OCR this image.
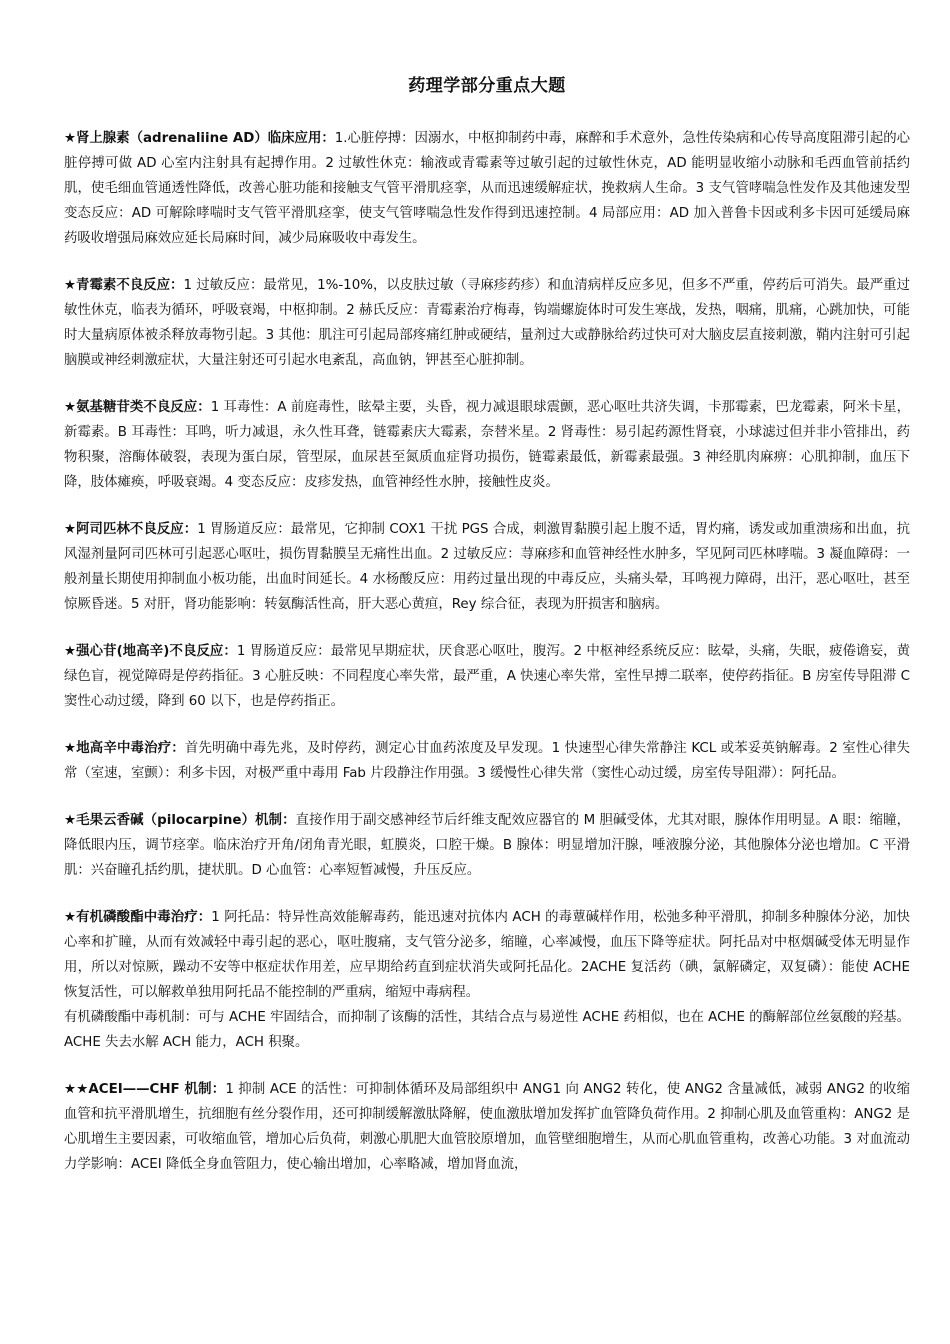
药理学部分重点大题

★肾上腺素（adrenaliine AD）临床应用：1.心脏停搏：因溺水，中枢抑制药中毒，麻醉和手术意外，急性传染病和心传导高度阻滞引起的心脏停搏可做 AD 心室内注射具有起搏作用。2 过敏性休克：输液或青霉素等过敏引起的过敏性休克，AD 能明显收缩小动脉和毛西血管前括约肌，使毛细血管通透性降低，改善心脏功能和接触支气管平滑肌痉挛，从而迅速缓解症状，挽救病人生命。3 支气管哮喘急性发作及其他速发型变态反应：AD 可解除哮喘时支气管平滑肌痉挛，使支气管哮喘急性发作得到迅速控制。4 局部应用：AD 加入普鲁卡因或利多卡因可延缓局麻药吸收增强局麻效应延长局麻时间，减少局麻吸收中毒发生。

★青霉素不良反应：1 过敏反应：最常见，1%-10%，以皮肤过敏（寻麻疹药疹）和血清病样反应多见，但多不严重，停药后可消失。最严重过敏性休克，临表为循环，呼吸衰竭，中枢抑制。2 赫氏反应：青霉素治疗梅毒，钩端螺旋体时可发生寒战，发热，咽痛，肌痛，心跳加快，可能时大量病原体被杀释放毒物引起。3 其他：肌注可引起局部疼痛红肿或硬结，量剂过大或静脉给药过快可对大脑皮层直接刺激，鞘内注射可引起脑膜或神经刺激症状，大量注射还可引起水电紊乱，高血钠，钾甚至心脏抑制。

★氨基糖苷类不良反应：1 耳毒性：A 前庭毒性，眩晕主要，头昏，视力减退眼球震颤，恶心呕吐共济失调，卡那霉素，巴龙霉素，阿米卡星，新霉素。B 耳毒性：耳鸣，听力减退，永久性耳聋，链霉素庆大霉素，奈替米星。2 肾毒性：易引起药源性肾衰，小球滤过但并非小管排出，药物积聚，溶酶体破裂，表现为蛋白尿，管型尿，血尿甚至氮质血症肾功损伤，链霉素最低，新霉素最强。3 神经肌肉麻痹：心肌抑制，血压下降，肢体瘫痪，呼吸衰竭。4 变态反应：皮疹发热，血管神经性水肿，接触性皮炎。

★阿司匹林不良反应：1 胃肠道反应：最常见，它抑制 COX1 干扰 PGS 合成，刺激胃黏膜引起上腹不适，胃灼痛，诱发或加重溃疡和出血，抗风湿剂量阿司匹林可引起恶心呕吐，损伤胃黏膜呈无痛性出血。2 过敏反应：荨麻疹和血管神经性水肿多，罕见阿司匹林哮喘。3 凝血障碍：一般剂量长期使用抑制血小板功能，出血时间延长。4 水杨酸反应：用药过量出现的中毒反应，头痛头晕，耳鸣视力障碍，出汗，恶心呕吐，甚至惊厥昏迷。5 对肝，肾功能影响：转氨酶活性高，肝大恶心黄疸，Rey 综合征，表现为肝损害和脑病。

★强心苷(地高辛)不良反应：1 胃肠道反应：最常见早期症状，厌食恶心呕吐，腹泻。2 中枢神经系统反应：眩晕，头痛，失眠，疲倦谵妄，黄绿色盲，视觉障碍是停药指征。3 心脏反映：不同程度心率失常，最严重，A 快速心率失常，室性早搏二联率，使停药指征。B 房室传导阻滞 C 窦性心动过缓，降到 60 以下，也是停药指正。

★地高辛中毒治疗：首先明确中毒先兆，及时停药，测定心甘血药浓度及早发现。1 快速型心律失常静注 KCL 或苯妥英钠解毒。2 室性心律失常（室速，室颤）：利多卡因，对极严重中毒用 Fab 片段静注作用强。3 缓慢性心律失常（窦性心动过缓，房室传导阻滞）：阿托品。

★毛果云香碱（pilocarpine）机制：直接作用于副交感神经节后纤维支配效应器官的 M 胆碱受体，尤其对眼，腺体作用明显。A 眼：缩瞳，降低眼内压，调节痉挛。临床治疗开角/闭角青光眼，虹膜炎，口腔干燥。B 腺体：明显增加汗腺，唾液腺分泌，其他腺体分泌也增加。C 平滑肌：兴奋瞳孔括约肌，捷状肌。D 心血管：心率短暂减慢，升压反应。

★有机磷酸酯中毒治疗：1 阿托品：特异性高效能解毒药，能迅速对抗体内 ACH 的毒蕈碱样作用，松弛多种平滑肌，抑制多种腺体分泌，加快心率和扩瞳，从而有效减轻中毒引起的恶心，呕吐腹痛，支气管分泌多，缩瞳，心率减慢，血压下降等症状。阿托品对中枢烟碱受体无明显作用，所以对惊厥，躁动不安等中枢症状作用差，应早期给药直到症状消失或阿托品化。2ACHE 复活药（碘，氯解磷定，双复磷）：能使 ACHE 恢复活性，可以解救单独用阿托品不能控制的严重病，缩短中毒病程。

有机磷酸酯中毒机制：可与 ACHE 牢固结合，而抑制了该酶的活性，其结合点与易逆性 ACHE 药相似，也在 ACHE 的酶解部位丝氨酸的羟基。ACHE 失去水解 ACH 能力，ACH 积聚。

★★ACEI——CHF 机制：1 抑制 ACE 的活性：可抑制体循环及局部组织中 ANG1 向 ANG2 转化，使 ANG2 含量减低，减弱 ANG2 的收缩血管和抗平滑肌增生，抗细胞有丝分裂作用，还可抑制缓解激肽降解，使血激肽增加发挥扩血管降负荷作用。2 抑制心肌及血管重构：ANG2 是心肌增生主要因素，可收缩血管，增加心后负荷，刺激心肌肥大血管胶原增加，血管壁细胞增生，从而心肌血管重构，改善心功能。3 对血流动力学影响：ACEI 降低全身血管阻力，使心输出增加，心率略减，增加肾血流，
